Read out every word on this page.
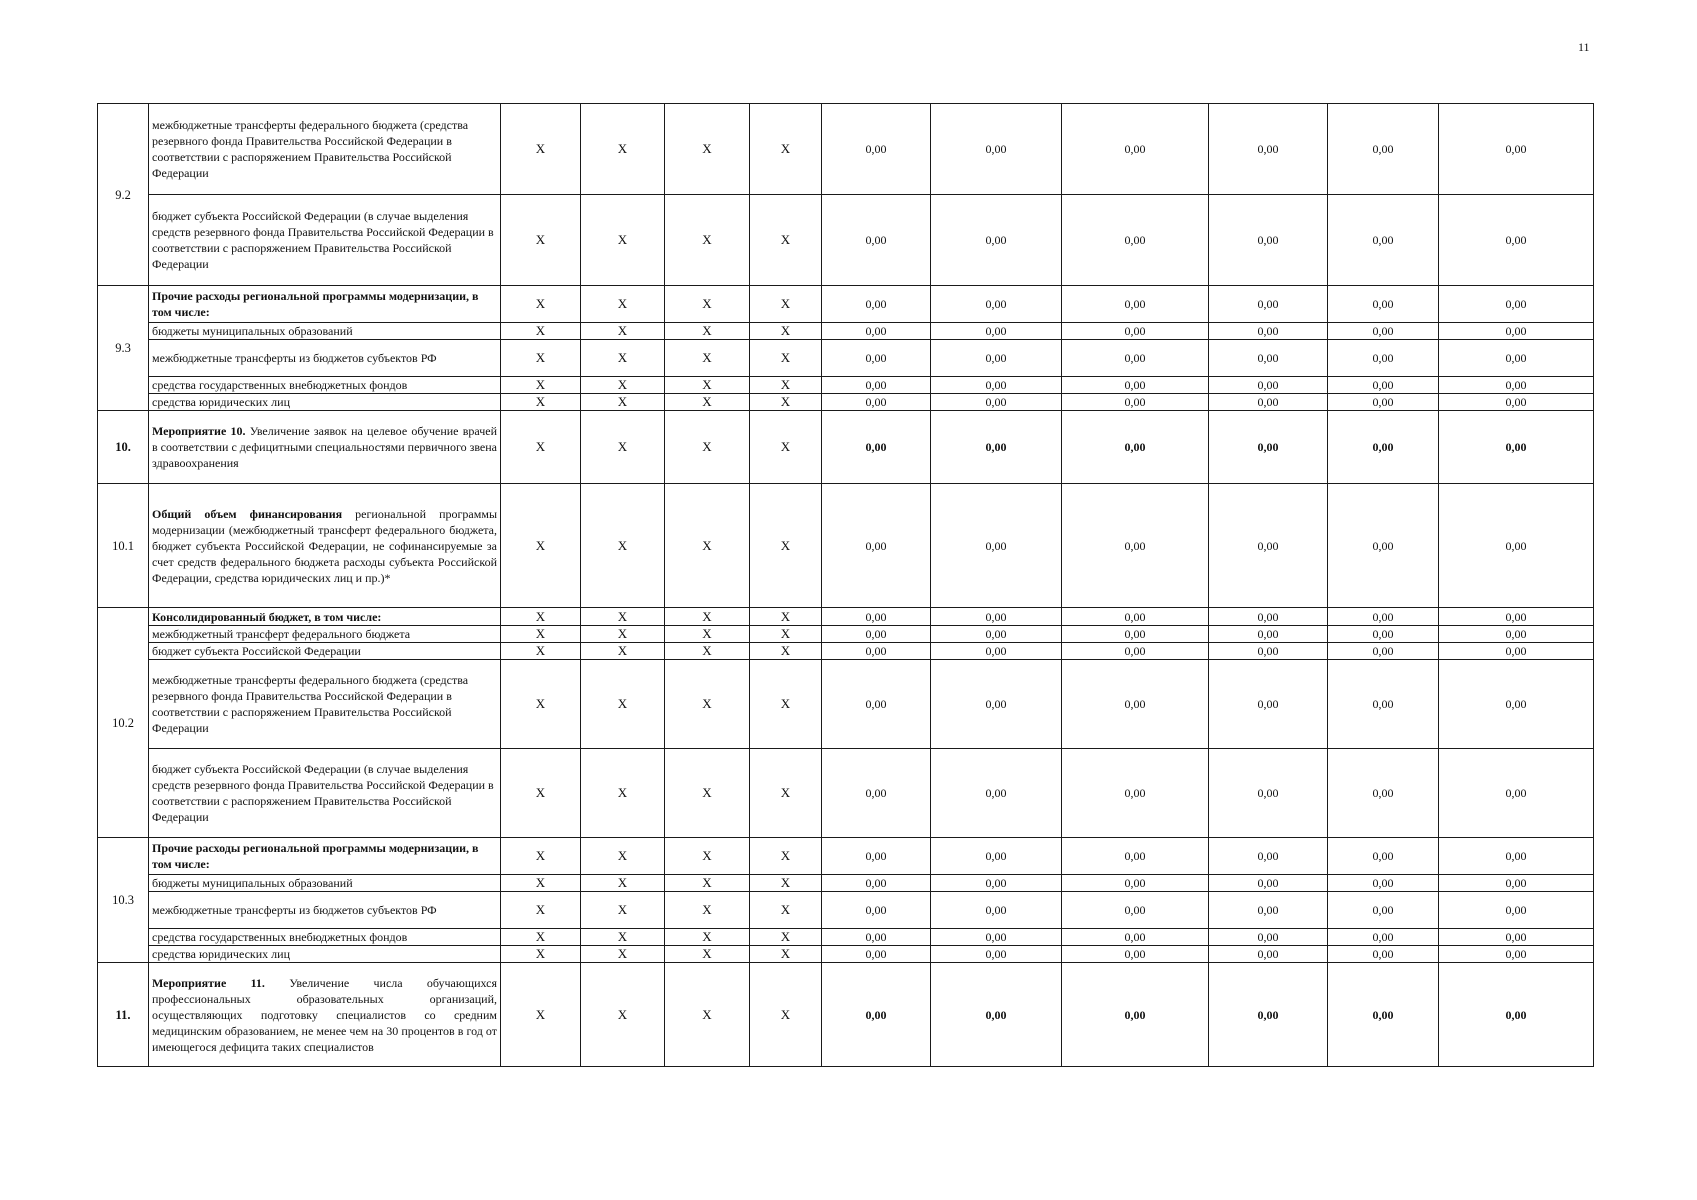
11
9.2	межбюджетные трансферты федерального бюджета (средства резервного фонда Правительства Российской Федерации в соответствии с распоряжением Правительства Российской Федерации	X	X	X	X	0,00	0,00	0,00	0,00	0,00	0,00
	бюджет субъекта Российской Федерации (в случае выделения средств резервного фонда Правительства Российской Федерации в соответствии с распоряжением Правительства Российской Федерации	X	X	X	X	0,00	0,00	0,00	0,00	0,00	0,00
9.3	Прочие расходы региональной программы модернизации, в том числе:	X	X	X	X	0,00	0,00	0,00	0,00	0,00	0,00
	бюджеты муниципальных образований	X	X	X	X	0,00	0,00	0,00	0,00	0,00	0,00
	межбюджетные трансферты из бюджетов субъектов РФ	X	X	X	X	0,00	0,00	0,00	0,00	0,00	0,00
	средства государственных внебюджетных фондов	X	X	X	X	0,00	0,00	0,00	0,00	0,00	0,00
	средства юридических лиц	X	X	X	X	0,00	0,00	0,00	0,00	0,00	0,00
10.	Мероприятие 10. Увеличение заявок на целевое обучение врачей в соответствии с дефицитными специальностями первичного звена здравоохранения	X	X	X	X	0,00	0,00	0,00	0,00	0,00	0,00
10.1	Общий объем финансирования региональной программы модернизации (межбюджетный трансферт федерального бюджета, бюджет субъекта Российской Федерации, не софинансируемые за счет средств федерального бюджета расходы субъекта Российской Федерации, средства юридических лиц и пр.)*	X	X	X	X	0,00	0,00	0,00	0,00	0,00	0,00
10.2	Консолидированный бюджет, в том числе:	X	X	X	X	0,00	0,00	0,00	0,00	0,00	0,00
	межбюджетный трансферт федерального бюджета	X	X	X	X	0,00	0,00	0,00	0,00	0,00	0,00
	бюджет субъекта Российской Федерации	X	X	X	X	0,00	0,00	0,00	0,00	0,00	0,00
	межбюджетные трансферты федерального бюджета (средства резервного фонда Правительства Российской Федерации в соответствии с распоряжением Правительства Российской Федерации	X	X	X	X	0,00	0,00	0,00	0,00	0,00	0,00
	бюджет субъекта Российской Федерации (в случае выделения средств резервного фонда Правительства Российской Федерации в соответствии с распоряжением Правительства Российской Федерации	X	X	X	X	0,00	0,00	0,00	0,00	0,00	0,00
10.3	Прочие расходы региональной программы модернизации, в том числе:	X	X	X	X	0,00	0,00	0,00	0,00	0,00	0,00
	бюджеты муниципальных образований	X	X	X	X	0,00	0,00	0,00	0,00	0,00	0,00
	межбюджетные трансферты из бюджетов субъектов РФ	X	X	X	X	0,00	0,00	0,00	0,00	0,00	0,00
	средства государственных внебюджетных фондов	X	X	X	X	0,00	0,00	0,00	0,00	0,00	0,00
	средства юридических лиц	X	X	X	X	0,00	0,00	0,00	0,00	0,00	0,00
11.	Мероприятие 11. Увеличение числа обучающихся профессиональных образовательных организаций, осуществляющих подготовку специалистов со средним медицинским образованием, не менее чем на 30 процентов в год от имеющегося дефицита таких специалистов	X	X	X	X	0,00	0,00	0,00	0,00	0,00	0,00
